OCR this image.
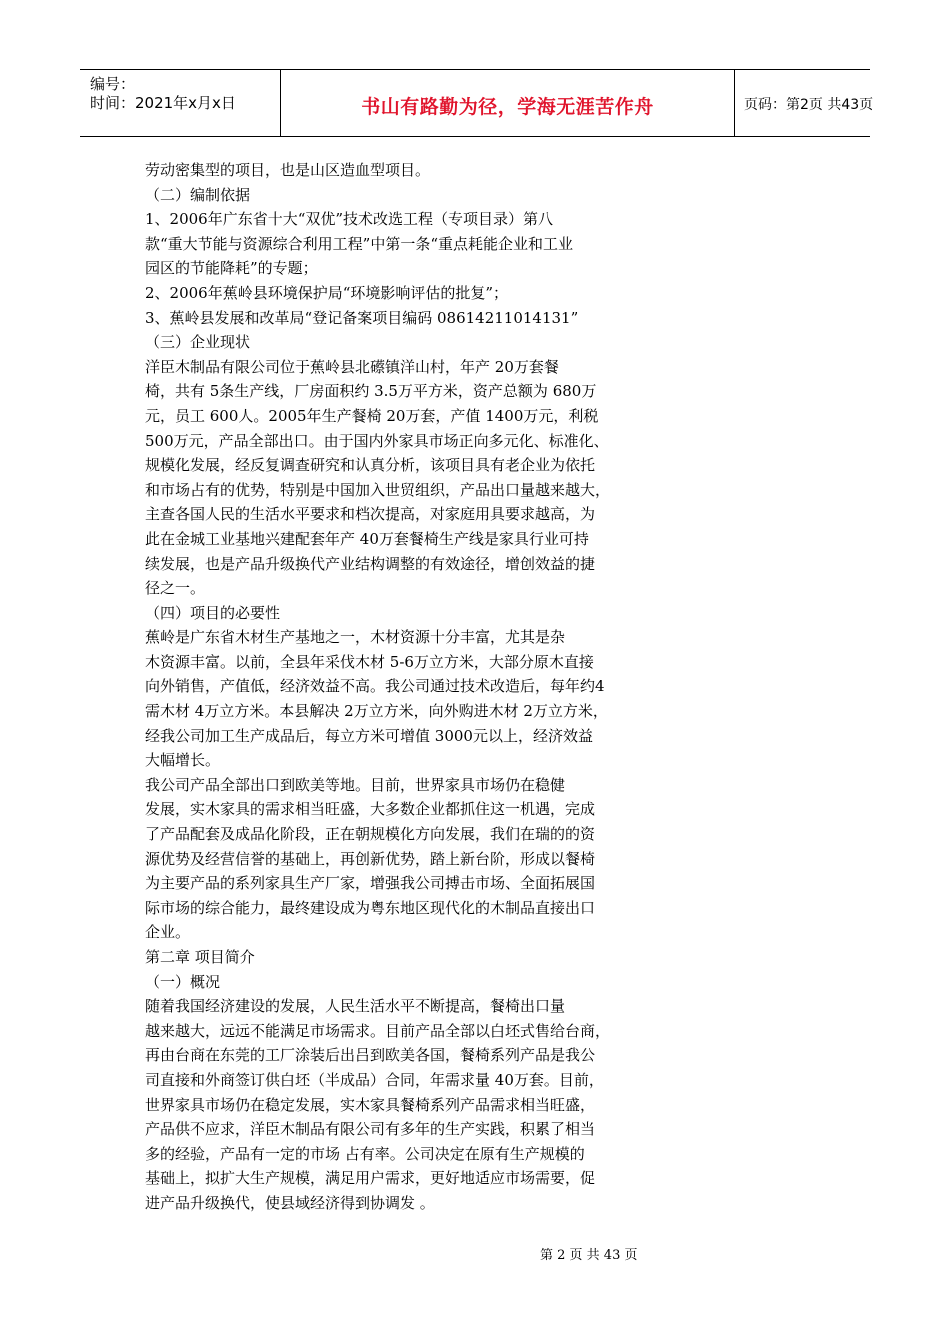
编号：
时间：2021年x月x日	书山有路勤为径，学海无涯苦作舟	页码：第2页 共43页
劳动密集型的项目，也是山区造血型项目。
（二）编制依据
1、2006年广东省十大“双优”技术改选工程（专项目录）第八
款“重大节能与资源综合利用工程”中第一条“重点耗能企业和工业
园区的节能降耗”的专题；
2、2006年蕉岭县环境保护局“环境影响评估的批复”；
3、蕉岭县发展和改革局“登记备案项目编码 08614211014131”
（三）企业现状
洋臣木制品有限公司位于蕉岭县北礤镇洋山村，年产 20万套餐
椅，共有 5条生产线，厂房面积约 3.5万平方米，资产总额为 680万
元，员工 600人。2005年生产餐椅 20万套，产值 1400万元，利税
500万元，产品全部出口。由于国内外家具市场正向多元化、标准化、
规模化发展，经反复调查研究和认真分析，该项目具有老企业为依托
和市场占有的优势，特别是中国加入世贸组织，产品出口量越来越大，
主查各国人民的生活水平要求和档次提高，对家庭用具要求越高，为
此在金城工业基地兴建配套年产 40万套餐椅生产线是家具行业可持
续发展，也是产品升级换代产业结构调整的有效途径，增创效益的捷
径之一。
（四）项目的必要性
蕉岭是广东省木材生产基地之一，木材资源十分丰富，尤其是杂
木资源丰富。以前，全县年采伐木材 5-6万立方米，大部分原木直接
向外销售，产值低，经济效益不高。我公司通过技术改造后，每年约4
需木材 4万立方米。本县解决 2万立方米，向外购进木材 2万立方米，
经我公司加工生产成品后，每立方米可增值 3000元以上，经济效益
大幅增长。
我公司产品全部出口到欧美等地。目前，世界家具市场仍在稳健
发展，实木家具的需求相当旺盛，大多数企业都抓住这一机遇，完成
了产品配套及成品化阶段，正在朝规模化方向发展，我们在瑞的的资
源优势及经营信誉的基础上，再创新优势，踏上新台阶，形成以餐椅
为主要产品的系列家具生产厂家，增强我公司搏击市场、全面拓展国
际市场的综合能力，最终建设成为粤东地区现代化的木制品直接出口
企业。
第二章 项目简介
（一）概况
随着我国经济建设的发展，人民生活水平不断提高，餐椅出口量
越来越大，远远不能满足市场需求。目前产品全部以白坯式售给台商，
再由台商在东莞的工厂涂装后出吕到欧美各国，餐椅系列产品是我公
司直接和外商签订供白坯（半成品）合同，年需求量 40万套。目前，
世界家具市场仍在稳定发展，实木家具餐椅系列产品需求相当旺盛，
产品供不应求，洋臣木制品有限公司有多年的生产实践，积累了相当
多的经验，产品有一定的市场 占有率。公司决定在原有生产规模的
基础上，拟扩大生产规模，满足用户需求，更好地适应市场需要，促
进产品升级换代，使县域经济得到协调发 。
第 2 页 共 43 页
